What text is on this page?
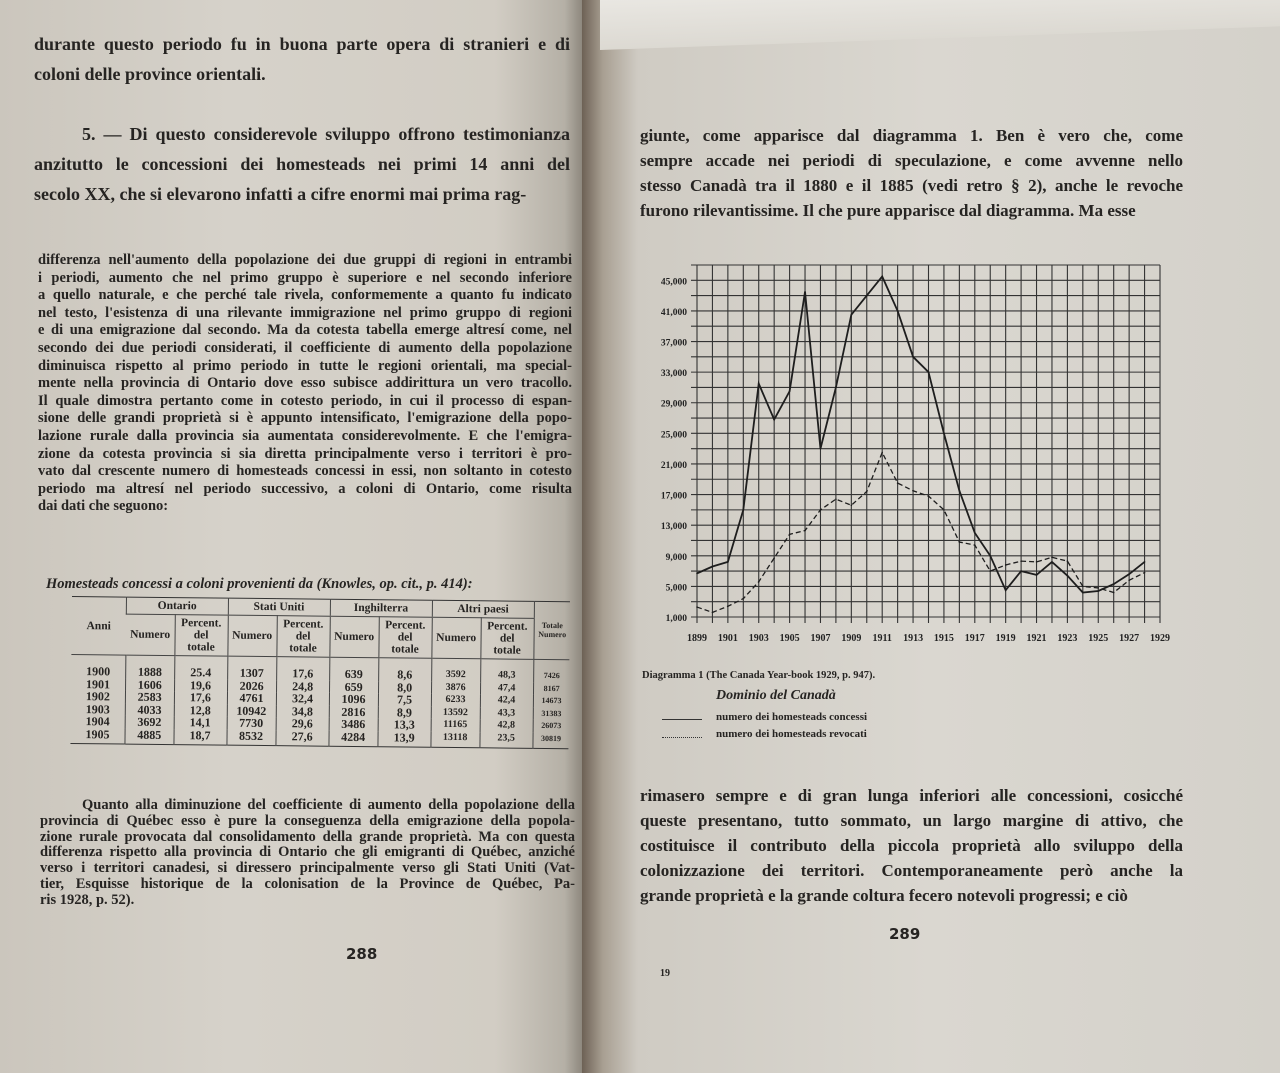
Homesteads concessi a coloni provenienti da (Knowles, op. cit., p. 414):
Anni	Ontario		Stati Uniti		Inghilterra		Altri paesi		Totale Numero
	Numero	Percent. del totale	Numero	Percent. del totale	Numero	Percent. del totale	Numero	Percent. del totale	
1900	1888	25.4	1307	17,6	639	8,6	3592	48,3	7426
1901	1606	19,6	2026	24,8	659	8,0	3876	47,4	8167
1902	2583	17,6	4761	32,4	1096	7,5	6233	42,4	14673
1903	4033	12,8	10942	34,8	2816	8,9	13592	43,3	31383
1904	3692	14,1	7730	29,6	3486	13,3	11165	42,8	26073
1905	4885	18,7	8532	27,6	4284	13,9	13118	23,5	30819
1,000
5,000
9,000
13,000
17,000
21,000
25,000
29,000
33,000
37,000
41,000
45,000
1899 1901 1903 1905 1907 1909 1911 1913 1915 1917 1919 1921 1923 1925 1927 1929
Diagramma 1 (The Canada Year-book 1929, p. 947).
Dominio del Canadà
numero dei homesteads concessi
numero dei homesteads revocati
288
289
19
durante questo periodo fu in buona parte opera di stranieri e di
coloni delle province orientali.
5. — Di questo considerevole sviluppo offrono testimonianza
anzitutto le concessioni dei homesteads nei primi 14 anni del
secolo XX, che si elevarono infatti a cifre enormi mai prima rag-
differenza nell'aumento della popolazione dei due gruppi di regioni in entrambi
i periodi, aumento che nel primo gruppo è superiore e nel secondo inferiore
a quello naturale, e che perché tale rivela, conformemente a quanto fu indicato
nel testo, l'esistenza di una rilevante immigrazione nel primo gruppo di regioni
e di una emigrazione dal secondo. Ma da cotesta tabella emerge altresí come, nel
secondo dei due periodi considerati, il coefficiente di aumento della popolazione
diminuisca rispetto al primo periodo in tutte le regioni orientali, ma special-
mente nella provincia di Ontario dove esso subisce addirittura un vero tracollo.
Il quale dimostra pertanto come in cotesto periodo, in cui il processo di espan-
sione delle grandi proprietà si è appunto intensificato, l'emigrazione della popo-
lazione rurale dalla provincia sia aumentata considerevolmente. E che l'emigra-
zione da cotesta provincia si sia diretta principalmente verso i territori è pro-
vato dal crescente numero di homesteads concessi in essi, non soltanto in cotesto
periodo ma altresí nel periodo successivo, a coloni di Ontario, come risulta
dai dati che seguono:
Quanto alla diminuzione del coefficiente di aumento della popolazione della
provincia di Québec esso è pure la conseguenza della emigrazione della popola-
zione rurale provocata dal consolidamento della grande proprietà. Ma con questa
differenza rispetto alla provincia di Ontario che gli emigranti di Québec, anziché
verso i territori canadesi, si diressero principalmente verso gli Stati Uniti (Vat-
tier, Esquisse historique de la colonisation de la Province de Québec, Pa-
ris 1928, p. 52).
giunte, come apparisce dal diagramma 1. Ben è vero che, come
sempre accade nei periodi di speculazione, e come avvenne nello
stesso Canadà tra il 1880 e il 1885 (vedi retro § 2), anche le revoche
furono rilevantissime. Il che pure apparisce dal diagramma. Ma esse
rimasero sempre e di gran lunga inferiori alle concessioni, cosicché
queste presentano, tutto sommato, un largo margine di attivo, che
costituisce il contributo della piccola proprietà allo sviluppo della
colonizzazione dei territori. Contemporaneamente però anche la
grande proprietà e la grande coltura fecero notevoli progressi; e ciò
